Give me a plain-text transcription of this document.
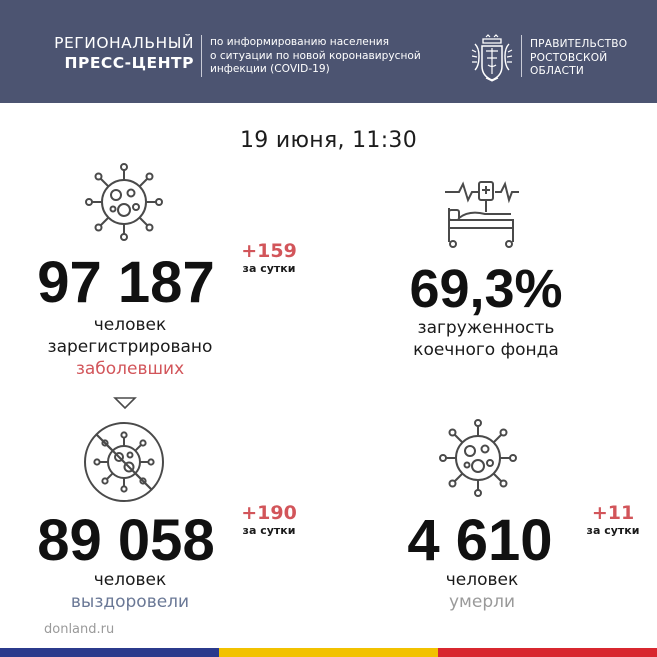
РЕГИОНАЛЬНЫЙ
ПРЕСС-ЦЕНТР
по информированию населения
о ситуации по новой коронавирусной
инфекции (COVID-19)
ПРАВИТЕЛЬСТВО
РОСТОВСКОЙ
ОБЛАСТИ
19 июня, 11:30
97 187	+159
за сутки
человек
зарегистрировано
заболевших
69,3%
загруженность
коечного фонда
89 058	+190
за сутки
человек
выздоровели
4 610	+11
за сутки
человек
умерли
donland.ru
